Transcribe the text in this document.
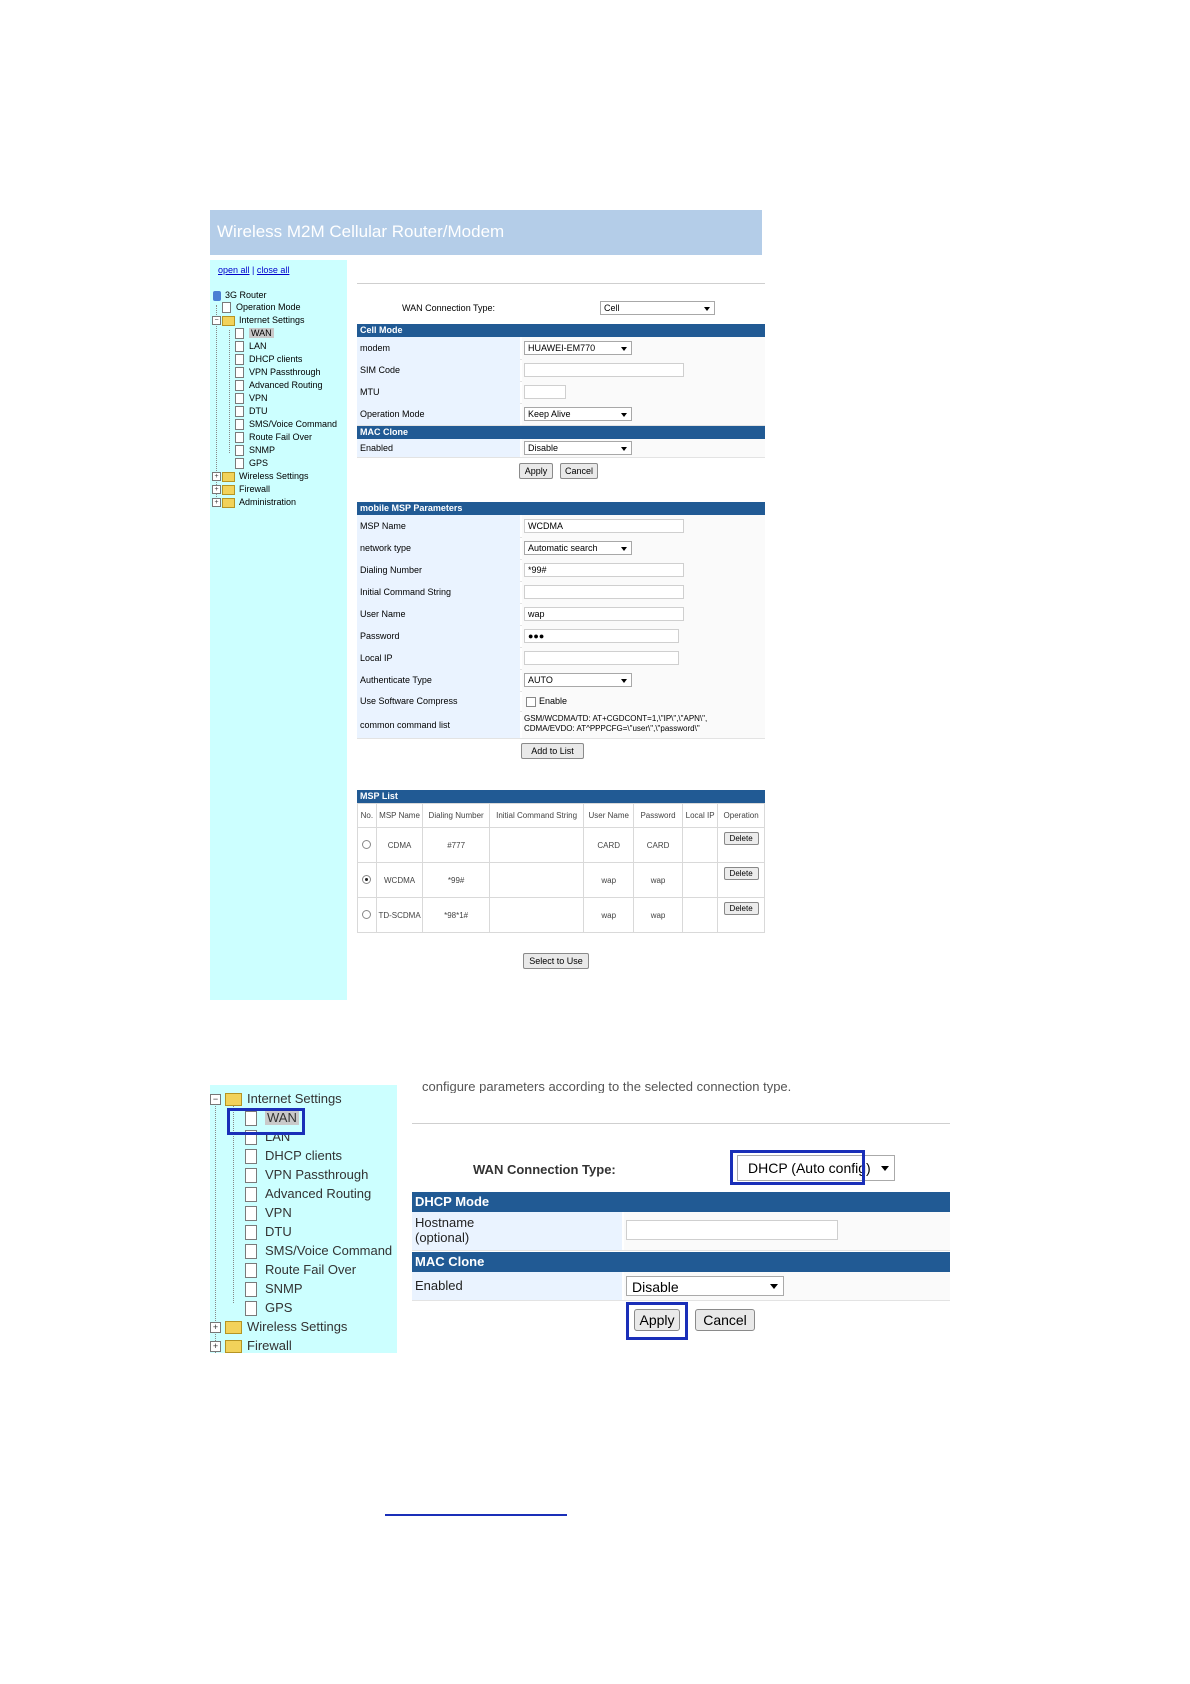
Wireless M2M Cellular Router/Modem
open all | close all
3G Router
Operation Mode
−	Internet Settings
WAN
LAN
DHCP clients
VPN Passthrough
Advanced Routing
VPN
DTU
SMS/Voice Command
Route Fail Over
SNMP
GPS
+	Wireless Settings
+	Firewall
+	Administration
WAN Connection Type:	Cell
Cell Mode
modem	HUAWEI-EM770
SIM Code
MTU
Operation Mode	Keep Alive
MAC Clone
Enabled	Disable
Apply	Cancel
mobile MSP Parameters
MSP Name	WCDMA
network type	Automatic search
Dialing Number	*99#
Initial Command String
User Name	wap
Password	●●●
Local IP
Authenticate Type	AUTO
Use Software Compress	Enable
common command list
GSM/WCDMA/TD: AT+CGDCONT=1,\"IP\",\"APN\",
CDMA/EVDO: AT^PPPCFG=\"user\",\"password\"
Add to List
MSP List
No.	MSP Name	Dialing Number	Initial Command String	User Name	Password	Local IP	Operation
	CDMA	#777		CARD	CARD		Delete
	WCDMA	*99#		wap	wap		Delete
	TD-SCDMA	*98*1#		wap	wap		Delete
Select to Use
−	Internet Settings
WAN
LAN
DHCP clients
VPN Passthrough
Advanced Routing
VPN
DTU
SMS/Voice Command
Route Fail Over
SNMP
GPS
+	Wireless Settings
+	Firewall
configure parameters according to the selected connection type.
WAN Connection Type:	DHCP (Auto config)
DHCP Mode
Hostname
(optional)
MAC Clone
Enabled	Disable
Apply	Cancel
